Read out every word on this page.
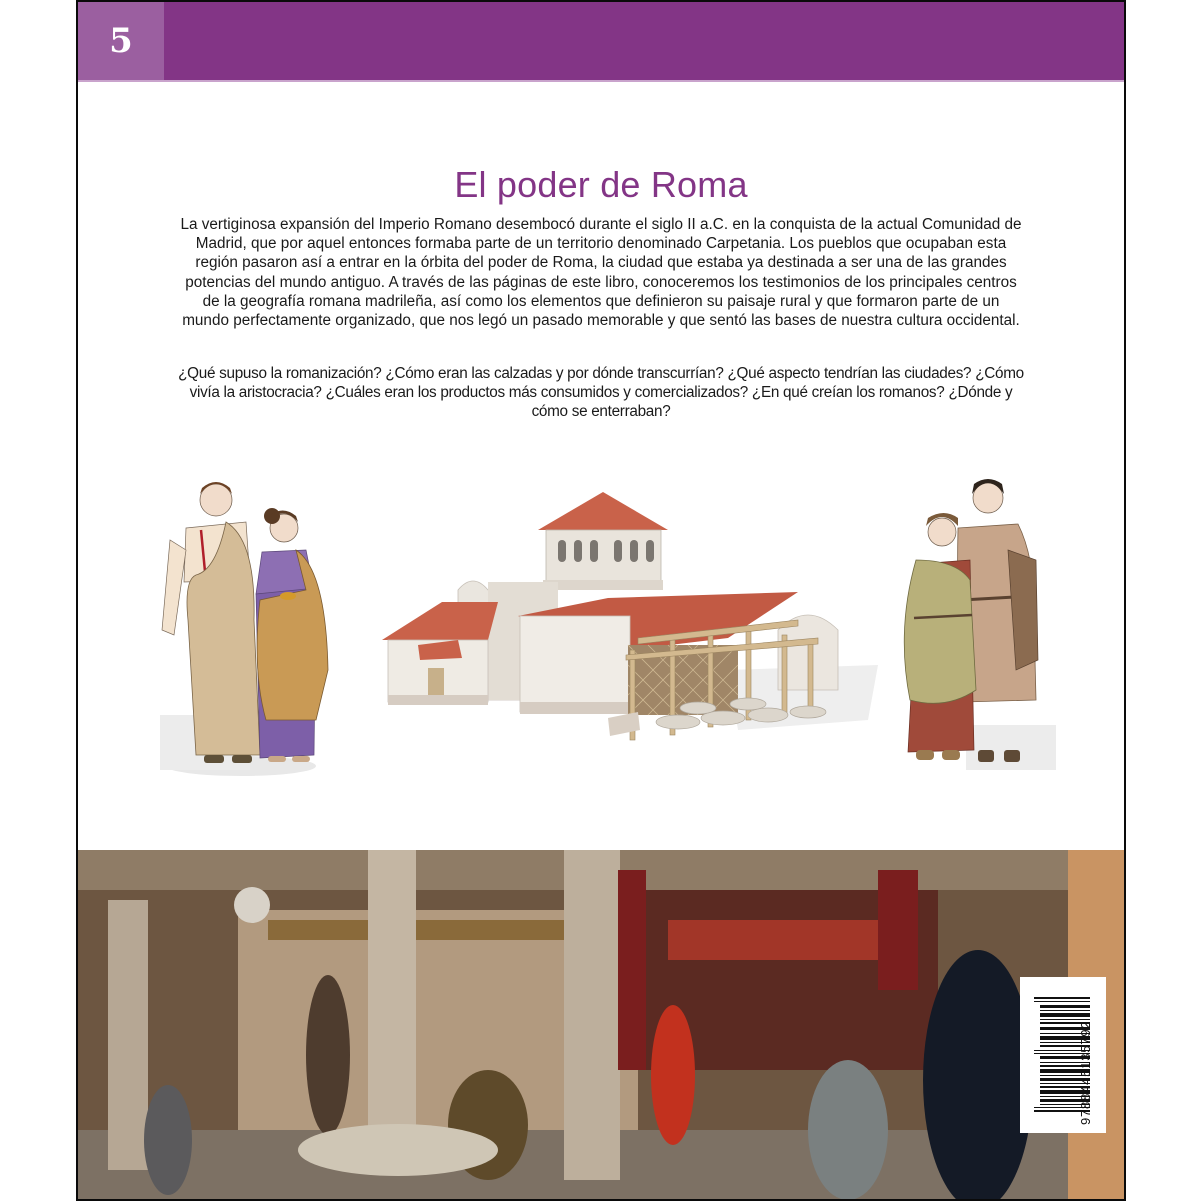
5
El poder de Roma

La vertiginosa expansión del Imperio Romano desembocó durante el siglo II a.C. en la conquista de la actual Comunidad de Madrid, que por aquel entonces formaba parte de un territorio denominado Carpetania. Los pueblos que ocupaban esta región pasaron así a entrar en la órbita del poder de Roma, la ciudad que estaba ya destinada a ser una de las grandes potencias del mundo antiguo. A través de las páginas de este libro, conoceremos los testimonios de los principales centros de la geografía romana madrileña, así como los elementos que definieron su paisaje rural y que formaron parte de un mundo perfectamente organizado, que nos legó un pasado memorable y que sentó las bases de nuestra cultura occidental.

¿Qué supuso la romanización? ¿Cómo eran las calzadas y por dónde transcurrían? ¿Qué aspecto tendrían las ciudades? ¿Cómo vivía la aristocracia? ¿Cuáles eran los productos más consumidos y comercializados? ¿En qué creían los romanos? ¿Dónde y cómo se enterraban?

9788445135792
